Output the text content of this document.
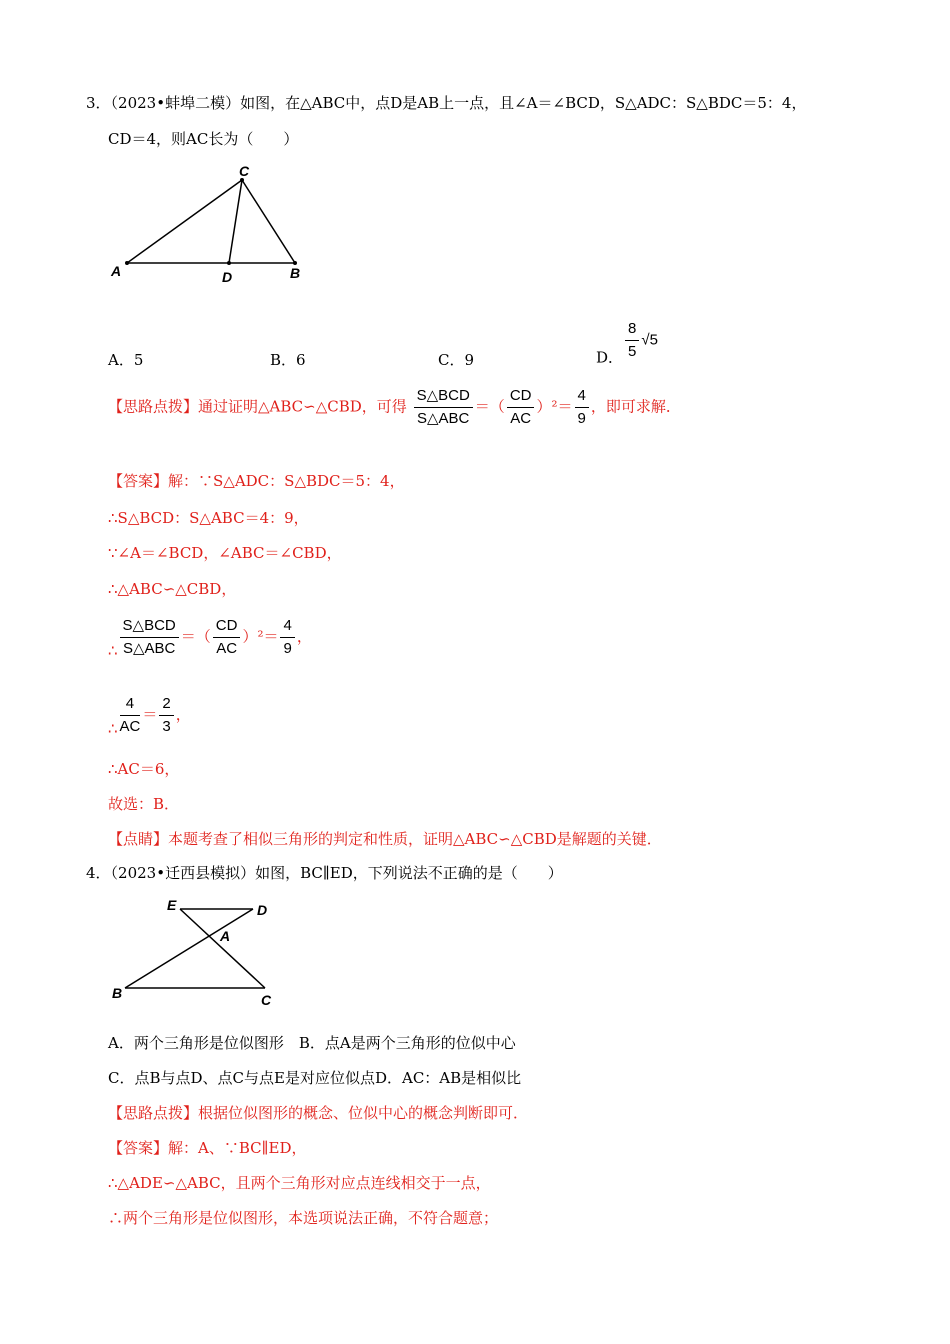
3．（2023•蚌埠二模）如图，在△ABC中，点D是AB上一点，且∠A＝∠BCD，S△ADC：S△BDC＝5：4，
CD＝4，则AC长为（　　）
C
A	D	B
A．5	B．6	C．9	D． $\frac{8}{5} √5$
【思路点拨】通过证明△ABC∽△CBD，可得 $\frac{\text{S△BCD}}{\text{S△ABC}}$ ＝（ $\frac{CD}{AC} )^2= \frac{4}{9}$ ，即可求解．
【答案】解：∵S△ADC：S△BDC＝5：4，
∴S△BCD：S△ABC＝4：9，
∵∠A＝∠BCD，∠ABC＝∠CBD，
∴△ABC∽△CBD，
∴ $\frac{\text{S△BCD}}{\text{S△ABC}}$ ＝（ $\frac{CD}{AC} )^2= \frac{4}{9}$ ，
∴ $\frac{4}{AC} = \frac{2}{3}$ ，
∴AC＝6，
故选：B．
【点睛】本题考查了相似三角形的判定和性质，证明△ABC∽△CBD是解题的关键．
4．（2023•迁西县模拟）如图，BC∥ED，下列说法不正确的是（　　）
E	D
A
B	C
A．两个三角形是位似图形　B．点A是两个三角形的位似中心
C．点B与点D、点C与点E是对应位似点D．AC：AB是相似比
【思路点拨】根据位似图形的概念、位似中心的概念判断即可．
【答案】解：A、∵BC∥ED，
∴△ADE∽△ABC，且两个三角形对应点连线相交于一点，
∴两个三角形是位似图形，本选项说法正确，不符合题意；
